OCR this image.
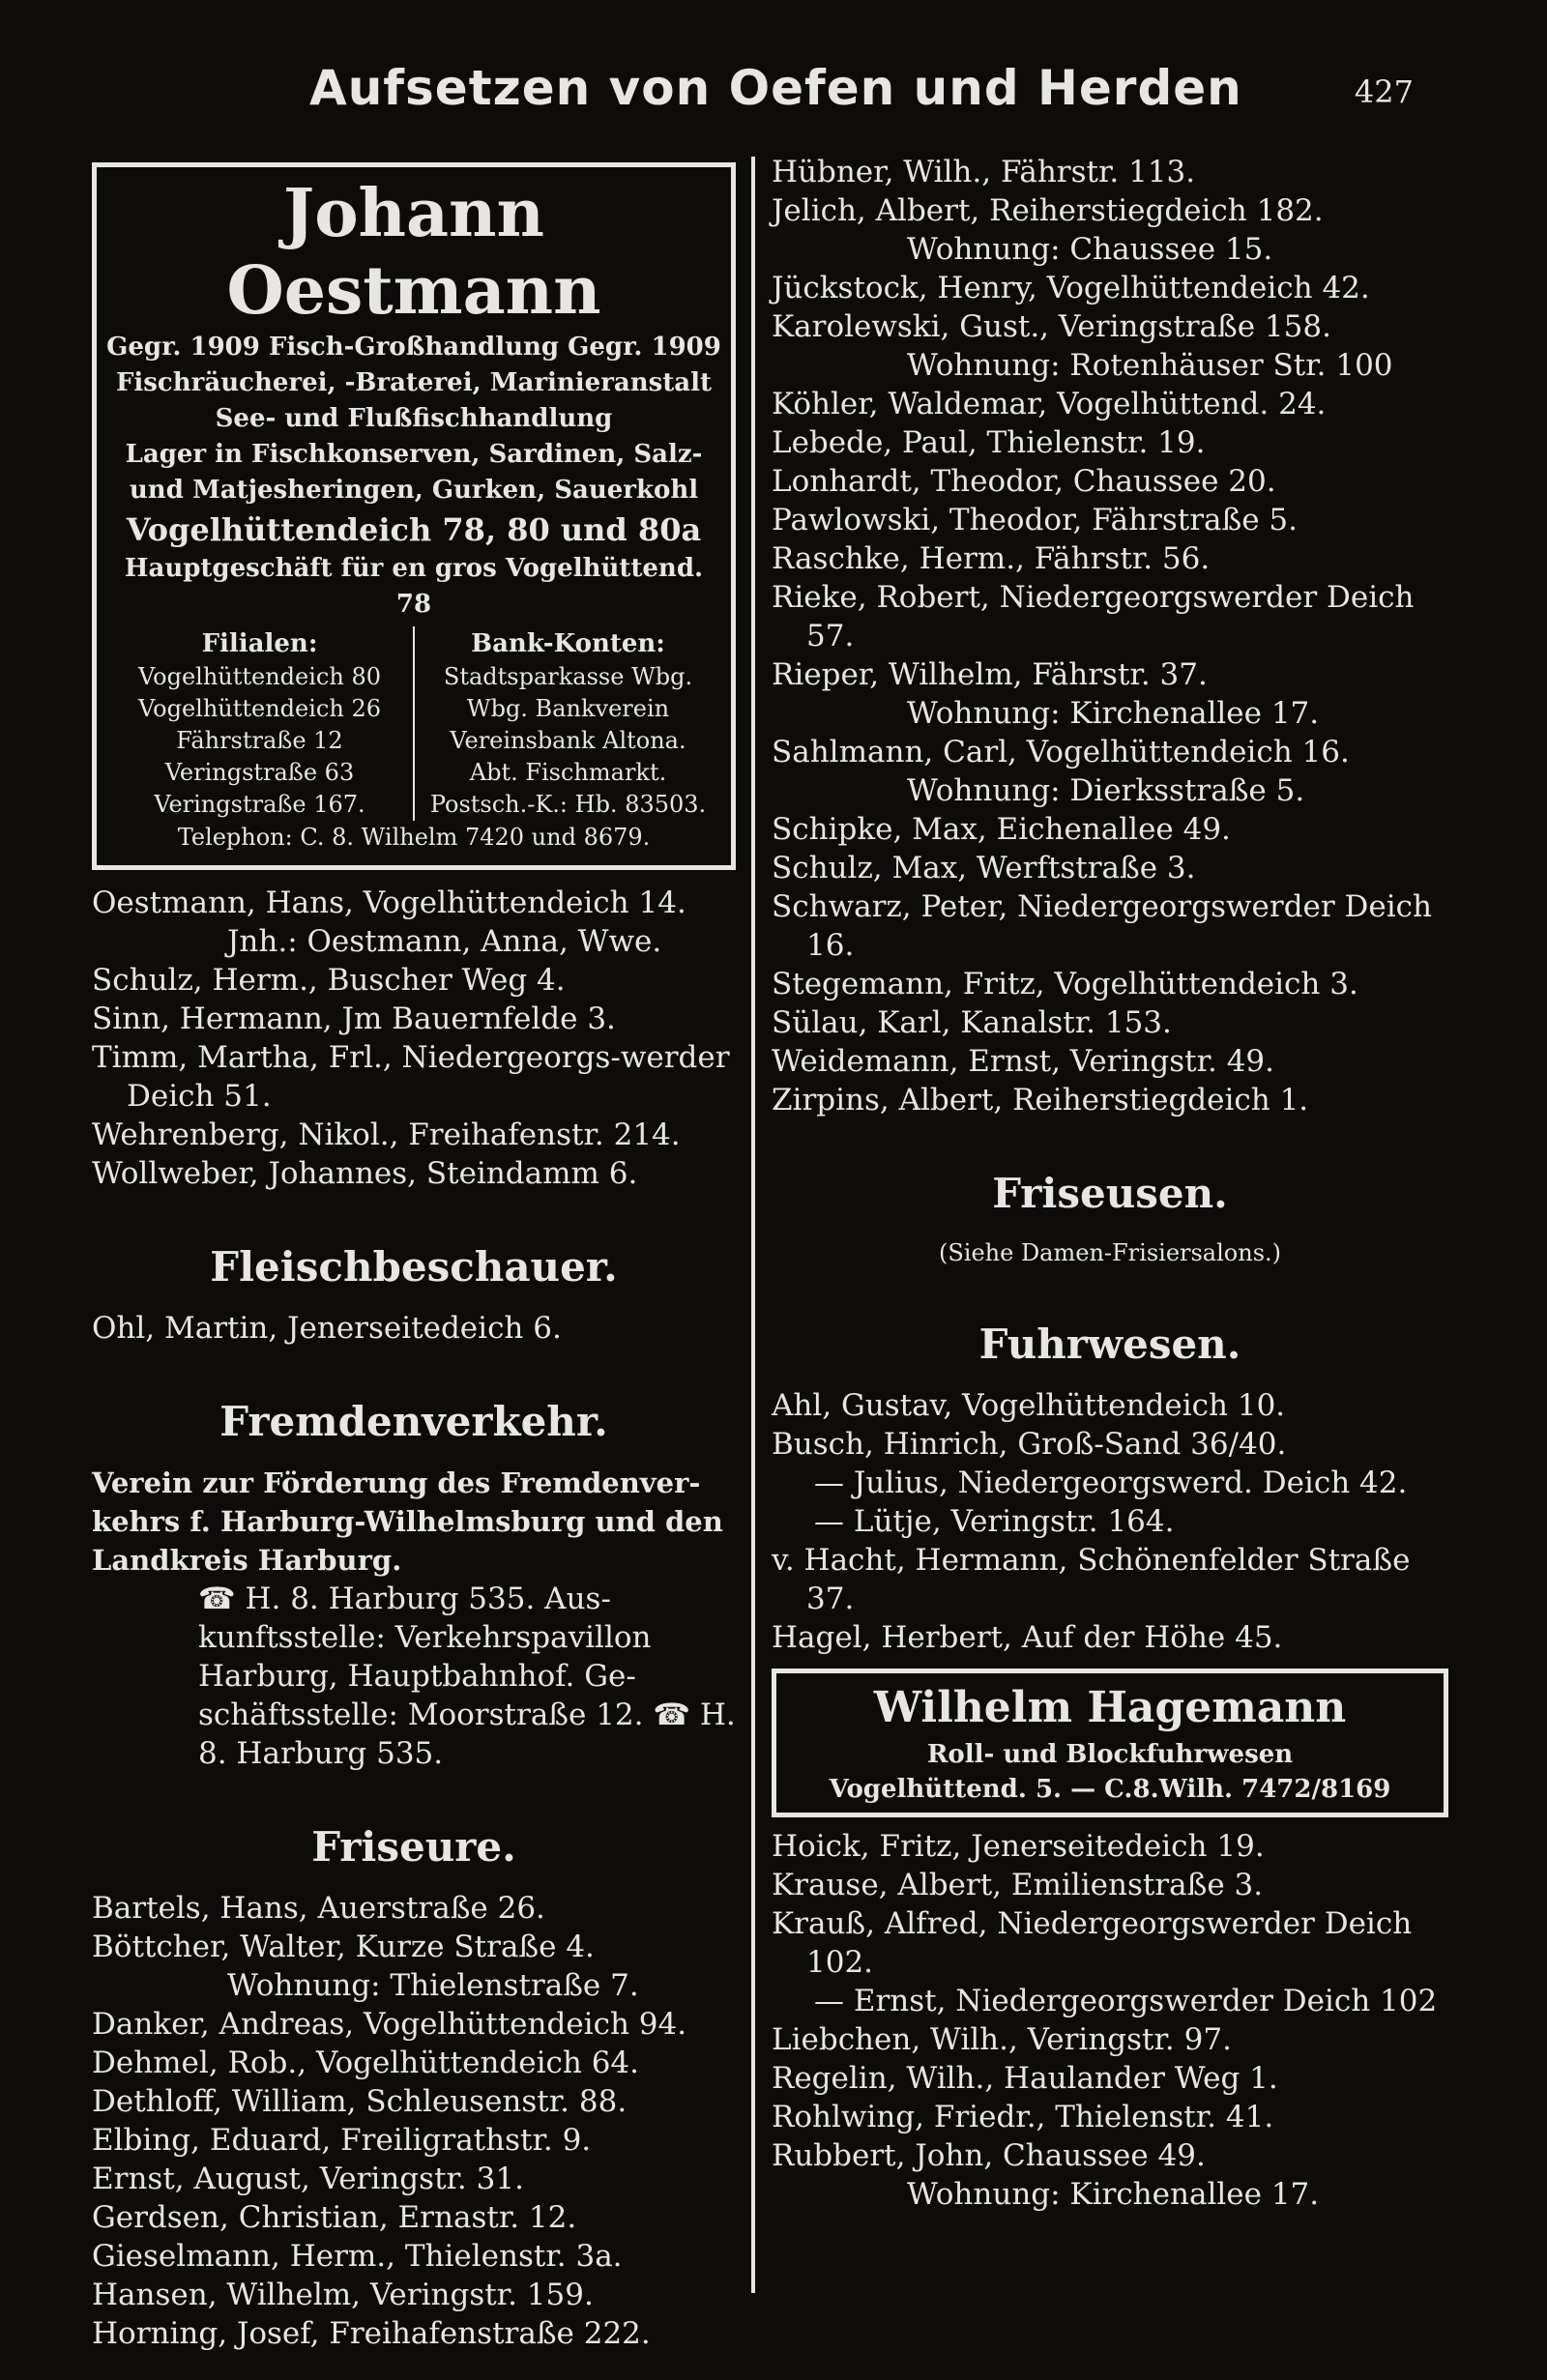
Aufsetzen von Oefen und Herden	427
Johann Oestmann
Gegr. 1909 Fisch-Großhandlung Gegr. 1909
Fischräucherei, -Braterei, Marinieranstalt
See- und Flußfischhandlung
Lager in Fischkonserven, Sardinen, Salz-
und Matjesheringen, Gurken, Sauerkohl
Vogelhüttendeich 78, 80 und 80a
Hauptgeschäft für en gros Vogelhüttend. 78
Filialen:
Vogelhüttendeich 80
Vogelhüttendeich 26
Fährstraße 12
Veringstraße 63
Veringstraße 167.
Bank-Konten:
Stadtsparkasse Wbg.
Wbg. Bankverein
Vereinsbank Altona.
Abt. Fischmarkt.
Postsch.-K.: Hb. 83503.
Telephon: C. 8. Wilhelm 7420 und 8679.
Oestmann, Hans, Vogelhüttendeich 14.
Jnh.: Oestmann, Anna, Wwe.
Schulz, Herm., Buscher Weg 4.
Sinn, Hermann, Jm Bauernfelde 3.
Timm, Martha, Frl., Niedergeorgs-werder Deich 51.
Wehrenberg, Nikol., Freihafenstr. 214.
Wollweber, Johannes, Steindamm 6.
Fleischbeschauer.
Ohl, Martin, Jenerseitedeich 6.
Fremdenverkehr.
Verein zur Förderung des Fremdenver-kehrs f. Harburg-Wilhelmsburg und den Landkreis Harburg.
☎ H. 8. Harburg 535. Aus-kunftsstelle: Verkehrspavillon Harburg, Hauptbahnhof. Ge-schäftsstelle: Moorstraße 12. ☎ H. 8. Harburg 535.
Friseure.
Bartels, Hans, Auerstraße 26.
Böttcher, Walter, Kurze Straße 4.
Wohnung: Thielenstraße 7.
Danker, Andreas, Vogelhüttendeich 94.
Dehmel, Rob., Vogelhüttendeich 64.
Dethloff, William, Schleusenstr. 88.
Elbing, Eduard, Freiligrathstr. 9.
Ernst, August, Veringstr. 31.
Gerdsen, Christian, Ernastr. 12.
Gieselmann, Herm., Thielenstr. 3a.
Hansen, Wilhelm, Veringstr. 159.
Horning, Josef, Freihafenstraße 222.
Hübner, Wilh., Fährstr. 113.
Jelich, Albert, Reiherstiegdeich 182.
Wohnung: Chaussee 15.
Jückstock, Henry, Vogelhüttendeich 42.
Karolewski, Gust., Veringstraße 158.
Wohnung: Rotenhäuser Str. 100
Köhler, Waldemar, Vogelhüttend. 24.
Lebede, Paul, Thielenstr. 19.
Lonhardt, Theodor, Chaussee 20.
Pawlowski, Theodor, Fährstraße 5.
Raschke, Herm., Fährstr. 56.
Rieke, Robert, Niedergeorgswerder Deich 57.
Rieper, Wilhelm, Fährstr. 37.
Wohnung: Kirchenallee 17.
Sahlmann, Carl, Vogelhüttendeich 16.
Wohnung: Dierksstraße 5.
Schipke, Max, Eichenallee 49.
Schulz, Max, Werftstraße 3.
Schwarz, Peter, Niedergeorgswerder Deich 16.
Stegemann, Fritz, Vogelhüttendeich 3.
Sülau, Karl, Kanalstr. 153.
Weidemann, Ernst, Veringstr. 49.
Zirpins, Albert, Reiherstiegdeich 1.
Friseusen.
(Siehe Damen-Frisiersalons.)
Fuhrwesen.
Ahl, Gustav, Vogelhüttendeich 10.
Busch, Hinrich, Groß-Sand 36/40.
— Julius, Niedergeorgswerd. Deich 42.
— Lütje, Veringstr. 164.
v. Hacht, Hermann, Schönenfelder Straße 37.
Hagel, Herbert, Auf der Höhe 45.
Wilhelm Hagemann
Roll- und Blockfuhrwesen
Vogelhüttend. 5. — C.8.Wilh. 7472/8169
Hoick, Fritz, Jenerseitedeich 19.
Krause, Albert, Emilienstraße 3.
Krauß, Alfred, Niedergeorgswerder Deich 102.
— Ernst, Niedergeorgswerder Deich 102
Liebchen, Wilh., Veringstr. 97.
Regelin, Wilh., Haulander Weg 1.
Rohlwing, Friedr., Thielenstr. 41.
Rubbert, John, Chaussee 49.
Wohnung: Kirchenallee 17.
